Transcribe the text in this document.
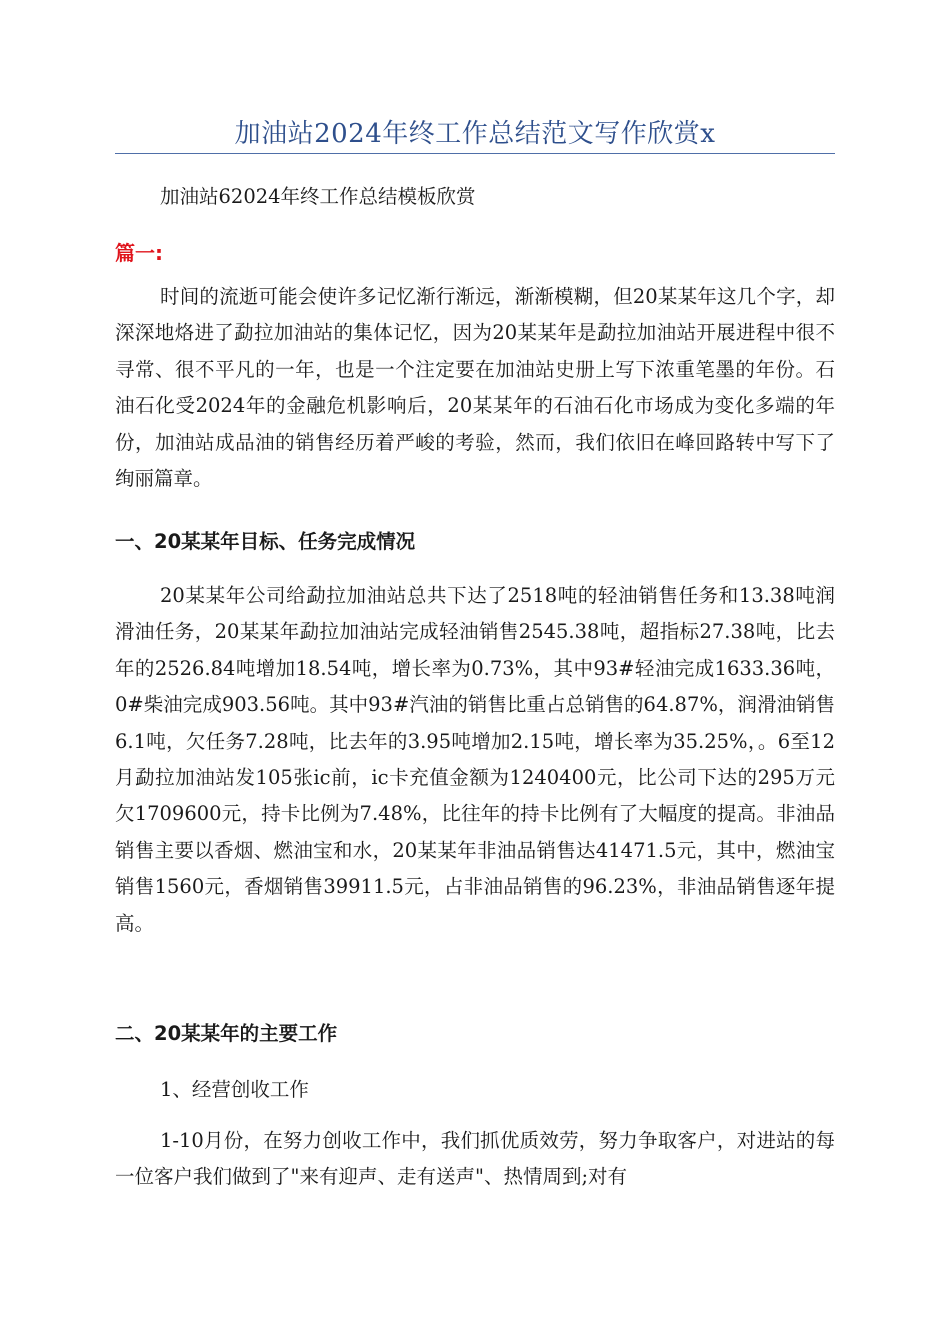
加油站2024年终工作总结范文写作欣赏x
加油站62024年终工作总结模板欣赏
篇一:

时间的流逝可能会使许多记忆渐行渐远，渐渐模糊，但20某某年这几个字，却深深地烙进了勐拉加油站的集体记忆，因为20某某年是勐拉加油站开展进程中很不寻常、很不平凡的一年，也是一个注定要在加油站史册上写下浓重笔墨的年份。石油石化受2024年的金融危机影响后，20某某年的石油石化市场成为变化多端的年份，加油站成品油的销售经历着严峻的考验，然而，我们依旧在峰回路转中写下了绚丽篇章。

一、20某某年目标、任务完成情况

20某某年公司给勐拉加油站总共下达了2518吨的轻油销售任务和13.38吨润滑油任务，20某某年勐拉加油站完成轻油销售2545.38吨，超指标27.38吨，比去年的2526.84吨增加18.54吨，增长率为0.73%，其中93#轻油完成1633.36吨，0#柴油完成903.56吨。其中93#汽油的销售比重占总销售的64.87%，润滑油销售6.1吨，欠任务7.28吨，比去年的3.95吨增加2.15吨，增长率为35.25%，。6至12月勐拉加油站发105张ic前，ic卡充值金额为1240400元，比公司下达的295万元欠1709600元，持卡比例为7.48%，比往年的持卡比例有了大幅度的提高。非油品销售主要以香烟、燃油宝和水，20某某年非油品销售达41471.5元，其中，燃油宝销售1560元，香烟销售39911.5元，占非油品销售的96.23%，非油品销售逐年提高。

二、20某某年的主要工作
1、经营创收工作

1-10月份，在努力创收工作中，我们抓优质效劳，努力争取客户，对进站的每一位客户我们做到了"来有迎声、走有送声"、热情周到;对有
